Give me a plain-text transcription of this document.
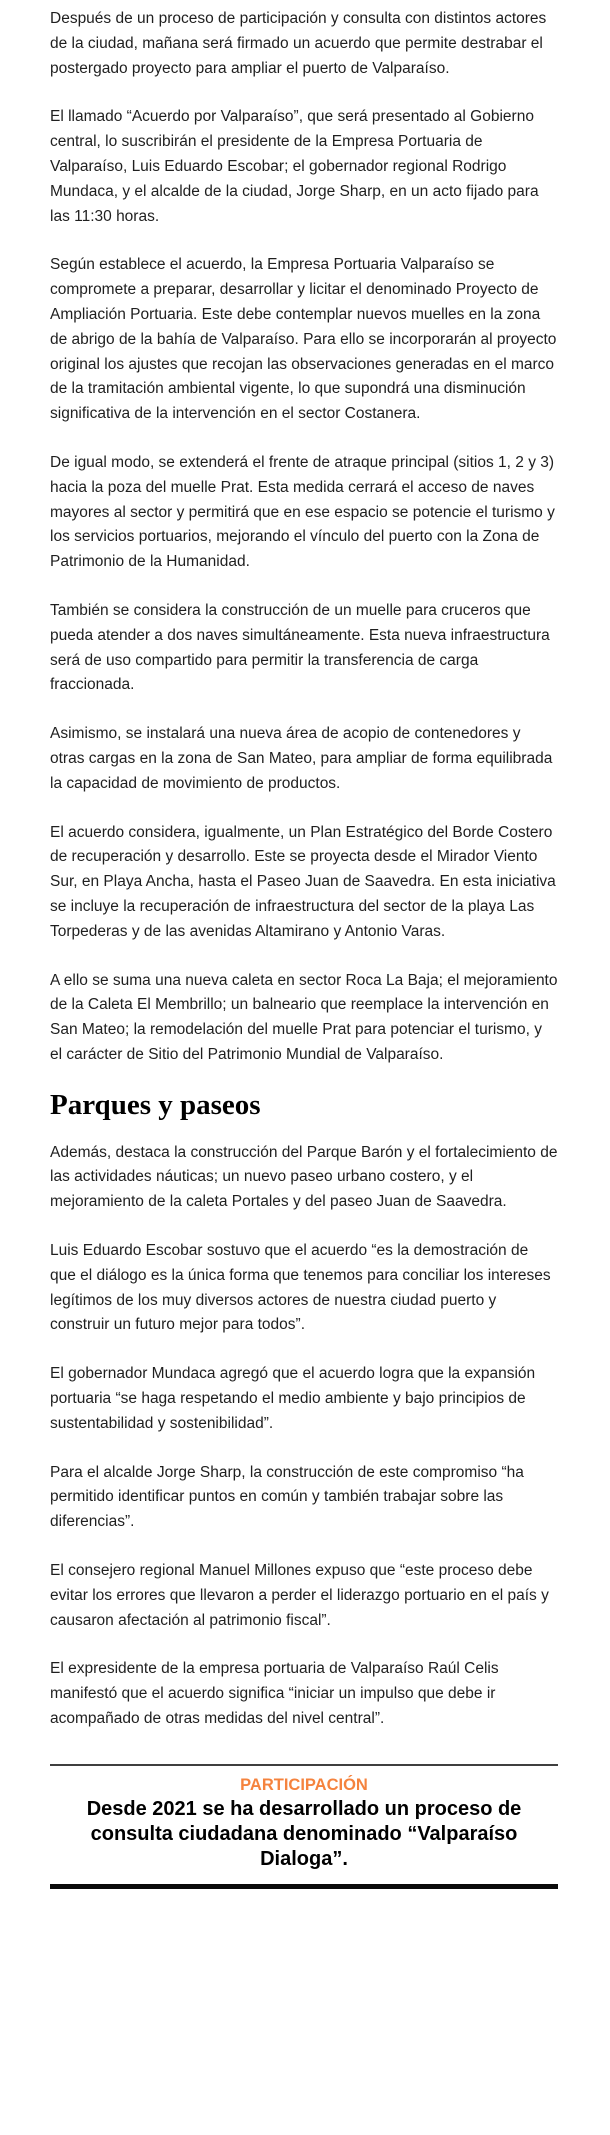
Después de un proceso de participación y consulta con distintos actores de la ciudad, mañana será firmado un acuerdo que permite destrabar el postergado proyecto para ampliar el puerto de Valparaíso.

El llamado “Acuerdo por Valparaíso”, que será presentado al Gobierno central, lo suscribirán el presidente de la Empresa Portuaria de Valparaíso, Luis Eduardo Escobar; el gobernador regional Rodrigo Mundaca, y el alcalde de la ciudad, Jorge Sharp, en un acto fijado para las 11:30 horas.

Según establece el acuerdo, la Empresa Portuaria Valparaíso se compromete a preparar, desarrollar y licitar el denominado Proyecto de Ampliación Portuaria. Este debe contemplar nuevos muelles en la zona de abrigo de la bahía de Valparaíso. Para ello se incorporarán al proyecto original los ajustes que recojan las observaciones generadas en el marco de la tramitación ambiental vigente, lo que supondrá una disminución significativa de la intervención en el sector Costanera.

De igual modo, se extenderá el frente de atraque principal (sitios 1, 2 y 3) hacia la poza del muelle Prat. Esta medida cerrará el acceso de naves mayores al sector y permitirá que en ese espacio se potencie el turismo y los servicios portuarios, mejorando el vínculo del puerto con la Zona de Patrimonio de la Humanidad.

También se considera la construcción de un muelle para cruceros que pueda atender a dos naves simultáneamente. Esta nueva infraestructura será de uso compartido para permitir la transferencia de carga fraccionada.

Asimismo, se instalará una nueva área de acopio de contenedores y otras cargas en la zona de San Mateo, para ampliar de forma equilibrada la capacidad de movimiento de productos.

El acuerdo considera, igualmente, un Plan Estratégico del Borde Costero de recuperación y desarrollo. Este se proyecta desde el Mirador Viento Sur, en Playa Ancha, hasta el Paseo Juan de Saavedra. En esta iniciativa se incluye la recuperación de infraestructura del sector de la playa Las Torpederas y de las avenidas Altamirano y Antonio Varas.

A ello se suma una nueva caleta en sector Roca La Baja; el mejoramiento de la Caleta El Membrillo; un balneario que reemplace la intervención en San Mateo; la remodelación del muelle Prat para potenciar el turismo, y el carácter de Sitio del Patrimonio Mundial de Valparaíso.

Parques y paseos

Además, destaca la construcción del Parque Barón y el fortalecimiento de las actividades náuticas; un nuevo paseo urbano costero, y el mejoramiento de la caleta Portales y del paseo Juan de Saavedra.

Luis Eduardo Escobar sostuvo que el acuerdo “es la demostración de que el diálogo es la única forma que tenemos para conciliar los intereses legítimos de los muy diversos actores de nuestra ciudad puerto y construir un futuro mejor para todos”.

El gobernador Mundaca agregó que el acuerdo logra que la expansión portuaria “se haga respetando el medio ambiente y bajo principios de sustentabilidad y sostenibilidad”.

Para el alcalde Jorge Sharp, la construcción de este compromiso “ha permitido identificar puntos en común y también trabajar sobre las diferencias”.

El consejero regional Manuel Millones expuso que “este proceso debe evitar los errores que llevaron a perder el liderazgo portuario en el país y causaron afectación al patrimonio fiscal”.

El expresidente de la empresa portuaria de Valparaíso Raúl Celis manifestó que el acuerdo significa “iniciar un impulso que debe ir acompañado de otras medidas del nivel central”.

PARTICIPACIÓN
Desde 2021 se ha desarrollado un proceso de consulta ciudadana denominado “Valparaíso Dialoga”.
